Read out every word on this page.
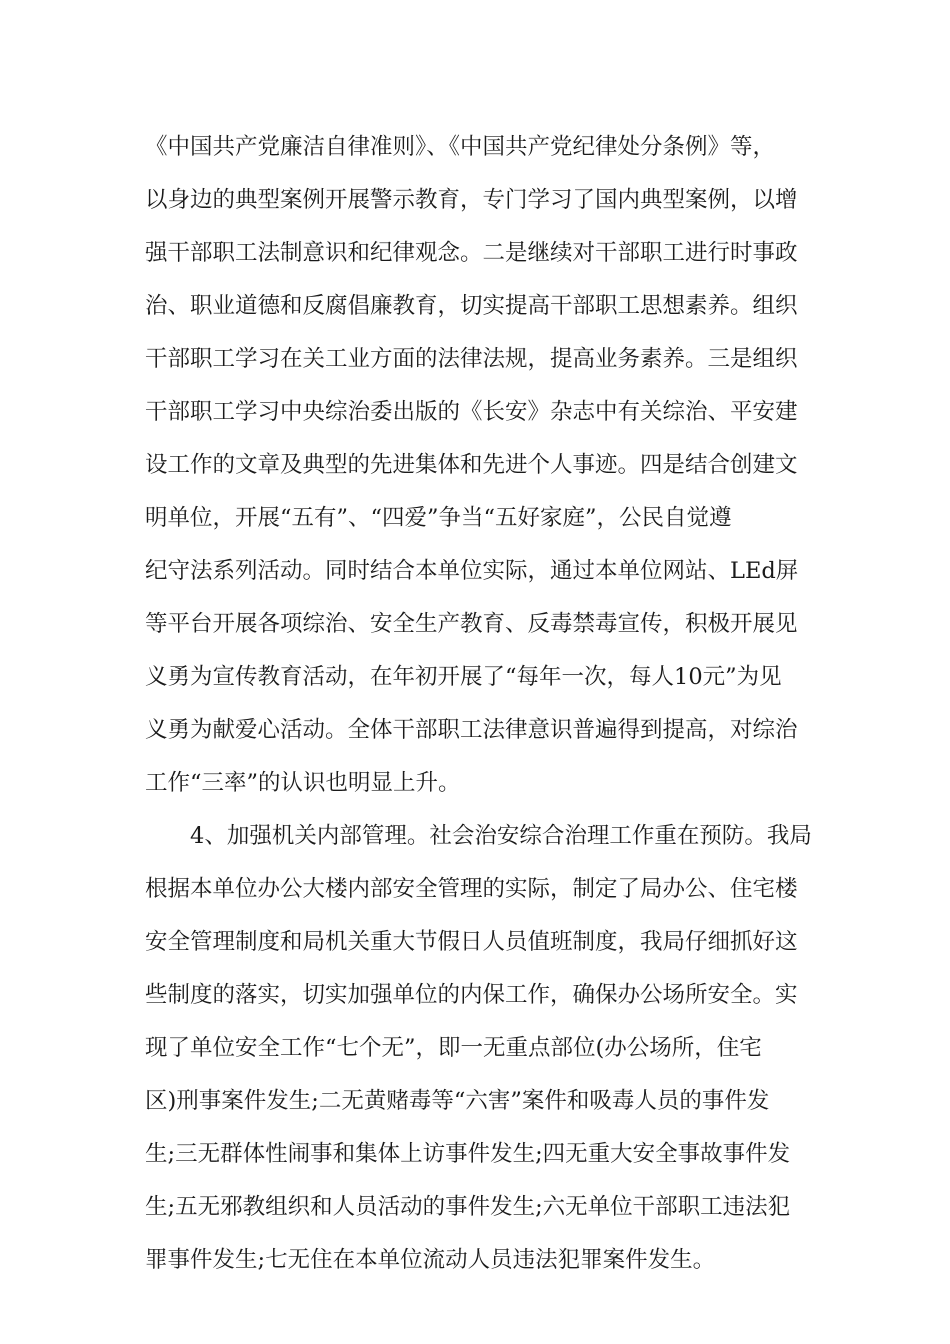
《中国共产党廉洁自律准则》、《中国共产党纪律处分条例》等，
以身边的典型案例开展警示教育，专门学习了国内典型案例，以增
强干部职工法制意识和纪律观念。二是继续对干部职工进行时事政
治、职业道德和反腐倡廉教育，切实提高干部职工思想素养。组织
干部职工学习在关工业方面的法律法规，提高业务素养。三是组织
干部职工学习中央综治委出版的《长安》杂志中有关综治、平安建
设工作的文章及典型的先进集体和先进个人事迹。四是结合创建文
明单位，开展“五有”、“四爱”争当“五好家庭”，公民自觉遵
纪守法系列活动。同时结合本单位实际，通过本单位网站、LEd屏
等平台开展各项综治、安全生产教育、反毒禁毒宣传，积极开展见
义勇为宣传教育活动，在年初开展了“每年一次，每人10元”为见
义勇为献爱心活动。全体干部职工法律意识普遍得到提高，对综治
工作“三率”的认识也明显上升。
4、加强机关内部管理。社会治安综合治理工作重在预防。我局
根据本单位办公大楼内部安全管理的实际，制定了局办公、住宅楼
安全管理制度和局机关重大节假日人员值班制度，我局仔细抓好这
些制度的落实，切实加强单位的内保工作，确保办公场所安全。实
现了单位安全工作“七个无”，即一无重点部位(办公场所，住宅
区)刑事案件发生;二无黄赌毒等“六害”案件和吸毒人员的事件发
生;三无群体性闹事和集体上访事件发生;四无重大安全事故事件发
生;五无邪教组织和人员活动的事件发生;六无单位干部职工违法犯
罪事件发生;七无住在本单位流动人员违法犯罪案件发生。
